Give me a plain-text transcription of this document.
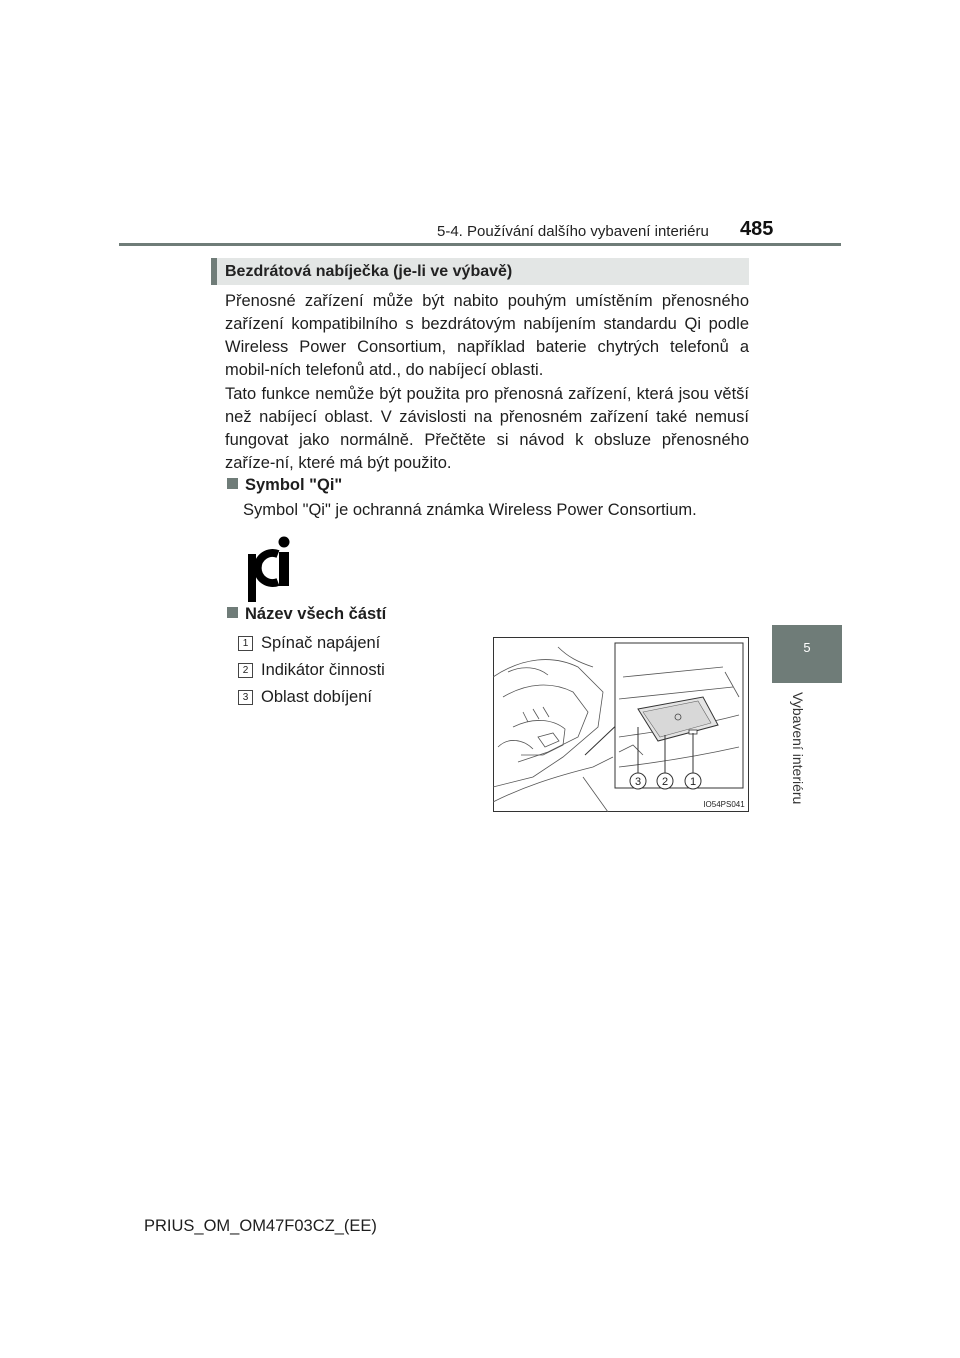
5-4. Používání dalšího vybavení interiéru 485
5
Vybavení interiéru
Bezdrátová nabíječka (je-li ve výbavě)

Přenosné zařízení může být nabito pouhým umístěním přenosného zařízení kompatibilního s bezdrátovým nabíjením standardu Qi podle Wireless Power Consortium, například baterie chytrých telefonů a mobil-ních telefonů atd., do nabíjecí oblasti.

Tato funkce nemůže být použita pro přenosná zařízení, která jsou větší než nabíjecí oblast. V závislosti na přenosném zařízení také nemusí fungovat jako normálně. Přečtěte si návod k obsluze přenosného zaříze-ní, které má být použito.

Symbol "Qi"
Symbol "Qi" je ochranná známka Wireless Power Consortium.
Název všech částí
1 Spínač napájení
2 Indikátor činnosti
3 Oblast dobíjení
3 2 1
IO54PS041
PRIUS_OM_OM47F03CZ_(EE)
